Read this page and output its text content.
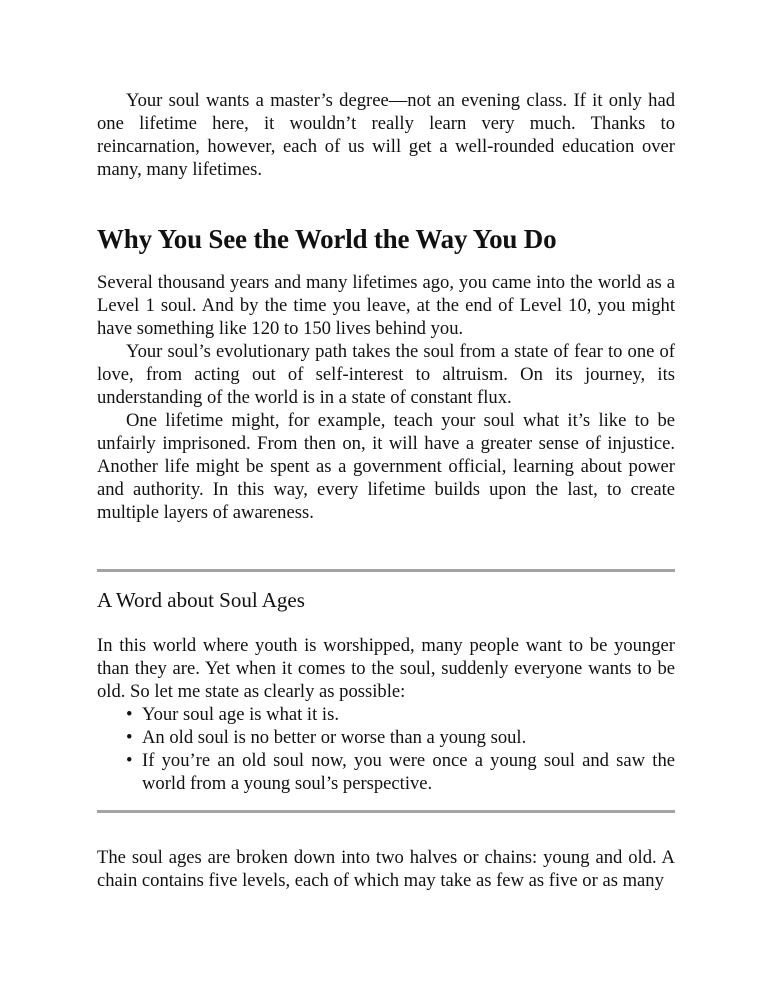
Your soul wants a master’s degree—not an evening class. If it only had one lifetime here, it wouldn’t really learn very much. Thanks to reincarnation, however, each of us will get a well-rounded education over many, many lifetimes.

Why You See the World the Way You Do

Several thousand years and many lifetimes ago, you came into the world as a Level 1 soul. And by the time you leave, at the end of Level 10, you might have something like 120 to 150 lives behind you.

Your soul’s evolutionary path takes the soul from a state of fear to one of love, from acting out of self-interest to altruism. On its journey, its understanding of the world is in a state of constant flux.

One lifetime might, for example, teach your soul what it’s like to be unfairly imprisoned. From then on, it will have a greater sense of injustice. Another life might be spent as a government official, learning about power and authority. In this way, every lifetime builds upon the last, to create multiple layers of awareness.

A Word about Soul Ages

In this world where youth is worshipped, many people want to be younger than they are. Yet when it comes to the soul, suddenly everyone wants to be old. So let me state as clearly as possible:

• Your soul age is what it is.
• An old soul is no better or worse than a young soul.
• If you’re an old soul now, you were once a young soul and saw the world from a young soul’s perspective.

The soul ages are broken down into two halves or chains: young and old. A chain contains five levels, each of which may take as few as five or as many
